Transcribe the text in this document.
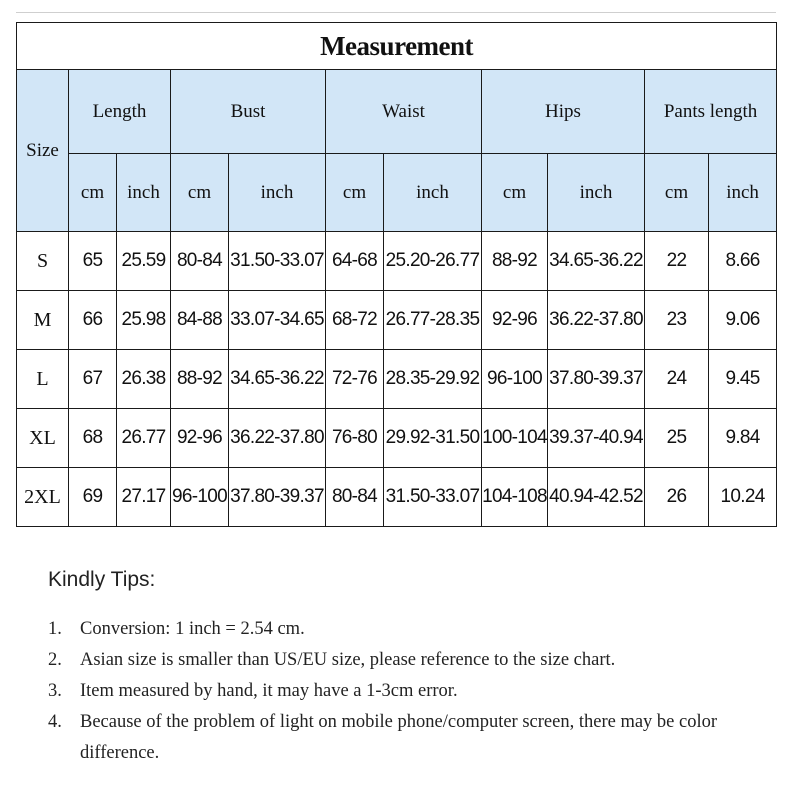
Measurement										
Size	Length		Bust		Waist		Hips		Pants length	
	cm	inch	cm	inch	cm	inch	cm	inch	cm	inch
S	65	25.59	80-84	31.50-33.07	64-68	25.20-26.77	88-92	34.65-36.22	22	8.66
M	66	25.98	84-88	33.07-34.65	68-72	26.77-28.35	92-96	36.22-37.80	23	9.06
L	67	26.38	88-92	34.65-36.22	72-76	28.35-29.92	96-100	37.80-39.37	24	9.45
XL	68	26.77	92-96	36.22-37.80	76-80	29.92-31.50	100-104	39.37-40.94	25	9.84
2XL	69	27.17	96-100	37.80-39.37	80-84	31.50-33.07	104-108	40.94-42.52	26	10.24
Kindly Tips:
1. Conversion: 1 inch = 2.54 cm.
2. Asian size is smaller than US/EU size, please reference to the size chart.
3. Item measured by hand, it may have a 1-3cm error.
4. Because of the problem of light on mobile phone/computer screen, there may be color difference.
